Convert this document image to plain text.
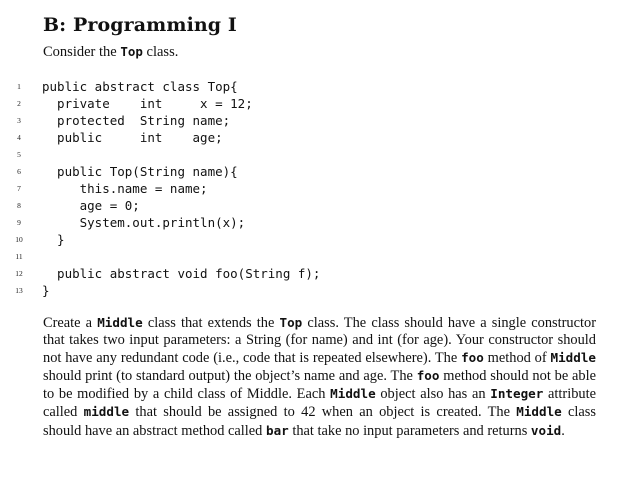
B: Programming I
Consider the Top class.
1	public abstract class Top{
2	private    int     x = 12;
3	protected  String name;
4	public     int    age;
5
6	public Top(String name){
7	this.name = name;
8	age = 0;
9	System.out.println(x);
10 }
11
12 public abstract void foo(String f);
13 }
Create a Middle class that extends the Top class. The class should have a single constructor that takes two input parameters: a String (for name) and int (for age). Your constructor should not have any redundant code (i.e., code that is repeated elsewhere). The foo method of Middle should print (to standard output) the object’s name and age. The foo method should not be able to be modified by a child class of Middle. Each Middle object also has an Integer attribute called middle that should be assigned to 42 when an object is created. The Middle class should have an abstract method called bar that take no input parameters and returns void.
